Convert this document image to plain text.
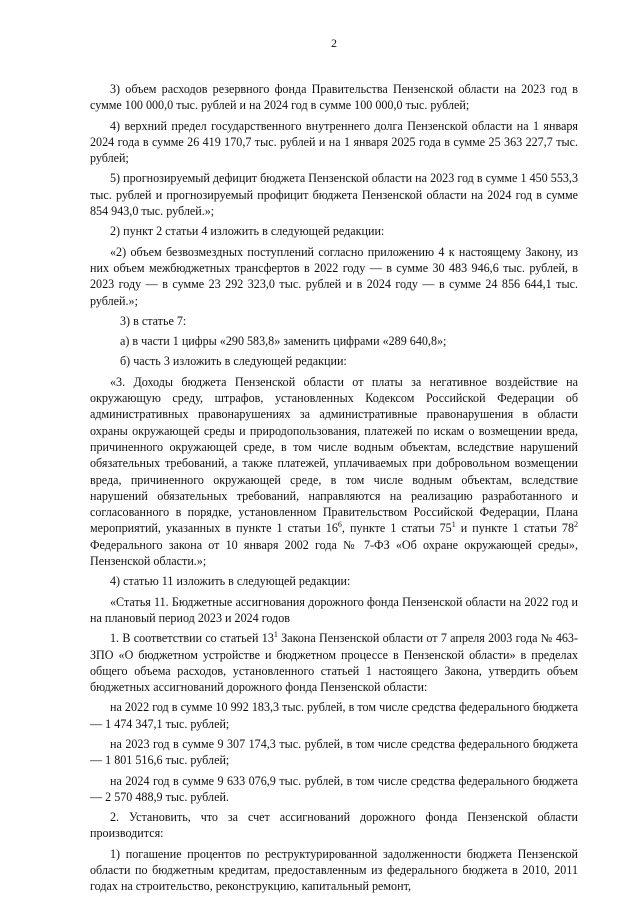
2

3) объем расходов резервного фонда Правительства Пензенской области на 2023 год в сумме 100 000,0 тыс. рублей и на 2024 год в сумме 100 000,0 тыс. рублей;

4) верхний предел государственного внутреннего долга Пензенской области на 1 января 2024 года в сумме 26 419 170,7 тыс. рублей и на 1 января 2025 года в сумме 25 363 227,7 тыс. рублей;

5) прогнозируемый дефицит бюджета Пензенской области на 2023 год в сумме 1 450 553,3 тыс. рублей и прогнозируемый профицит бюджета Пензенской области на 2024 год в сумме 854 943,0 тыс. рублей.»;

2) пункт 2 статьи 4 изложить в следующей редакции:

«2) объем безвозмездных поступлений согласно приложению 4 к настоящему Закону, из них объем межбюджетных трансфертов в 2022 году — в сумме 30 483 946,6 тыс. рублей, в 2023 году — в сумме 23 292 323,0 тыс. рублей и в 2024 году — в сумме 24 856 644,1 тыс. рублей.»;

3) в статье 7:

а) в части 1 цифры «290 583,8» заменить цифрами «289 640,8»;

б) часть 3 изложить в следующей редакции:

«3. Доходы бюджета Пензенской области от платы за негативное воздействие на окружающую среду, штрафов, установленных Кодексом Российской Федерации об административных правонарушениях за административные правонарушения в области охраны окружающей среды и природопользования, платежей по искам о возмещении вреда, причиненного окружающей среде, в том числе водным объектам, вследствие нарушений обязательных требований, а также платежей, уплачиваемых при добровольном возмещении вреда, причиненного окружающей среде, в том числе водным объектам, вследствие нарушений обязательных требований, направляются на реализацию разработанного и согласованного в порядке, установленном Правительством Российской Федерации, Плана мероприятий, указанных в пункте 1 статьи $16^6$, пункте 1 статьи $75^1$ и пункте 1 статьи $78^2$ Федерального закона от 10 января 2002 года № 7-ФЗ «Об охране окружающей среды», Пензенской области.»;

4) статью 11 изложить в следующей редакции:

«Статья 11. Бюджетные ассигнования дорожного фонда Пензенской области на 2022 год и на плановый период 2023 и 2024 годов

1. В соответствии со статьей $13^1$ Закона Пензенской области от 7 апреля 2003 года № 463-ЗПО «О бюджетном устройстве и бюджетном процессе в Пензенской области» в пределах общего объема расходов, установленного статьей 1 настоящего Закона, утвердить объем бюджетных ассигнований дорожного фонда Пензенской области:

на 2022 год в сумме 10 992 183,3 тыс. рублей, в том числе средства федерального бюджета — 1 474 347,1 тыс. рублей;

на 2023 год в сумме 9 307 174,3 тыс. рублей, в том числе средства федерального бюджета — 1 801 516,6 тыс. рублей;

на 2024 год в сумме 9 633 076,9 тыс. рублей, в том числе средства федерального бюджета — 2 570 488,9 тыс. рублей.

2. Установить, что за счет ассигнований дорожного фонда Пензенской области производится:

1) погашение процентов по реструктурированной задолженности бюджета Пензенской области по бюджетным кредитам, предоставленным из федерального бюджета в 2010, 2011 годах на строительство, реконструкцию, капитальный ремонт,
